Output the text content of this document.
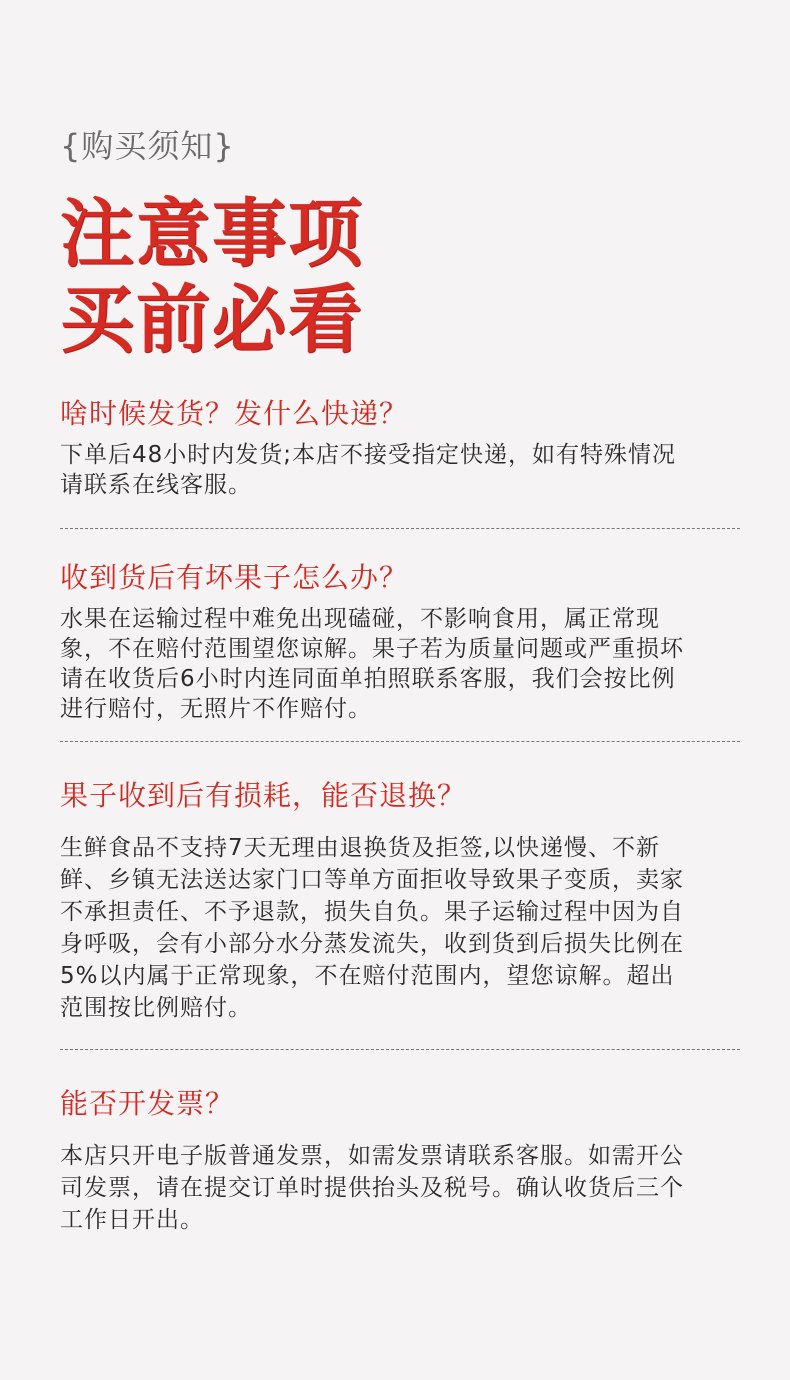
{购买须知}
注意事项
买前必看
啥时候发货？发什么快递？
下单后48小时内发货;本店不接受指定快递，如有特殊情况
请联系在线客服。
收到货后有坏果子怎么办？
水果在运输过程中难免出现磕碰，不影响食用，属正常现
象，不在赔付范围望您谅解。果子若为质量问题或严重损坏
请在收货后6小时内连同面单拍照联系客服，我们会按比例
进行赔付，无照片不作赔付。
果子收到后有损耗，能否退换？
生鲜食品不支持7天无理由退换货及拒签,以快递慢、不新
鲜、乡镇无法送达家门口等单方面拒收导致果子变质，卖家
不承担责任、不予退款，损失自负。果子运输过程中因为自
身呼吸，会有小部分水分蒸发流失，收到货到后损失比例在
5%以内属于正常现象，不在赔付范围内，望您谅解。超出
范围按比例赔付。
能否开发票？
本店只开电子版普通发票，如需发票请联系客服。如需开公
司发票，请在提交订单时提供抬头及税号。确认收货后三个
工作日开出。
